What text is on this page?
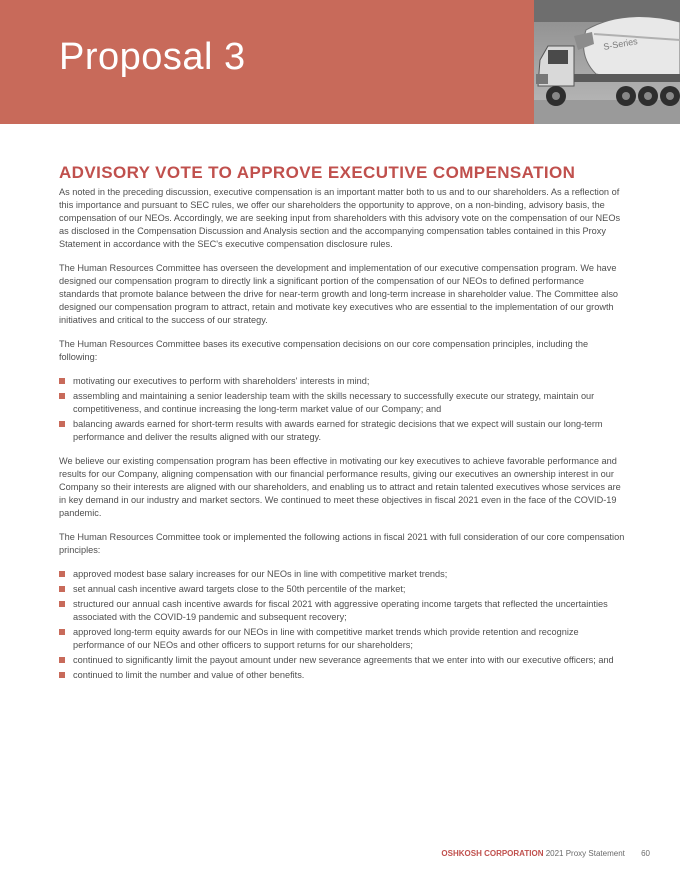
Proposal 3	S-Series
ADVISORY VOTE TO APPROVE EXECUTIVE COMPENSATION

As noted in the preceding discussion, executive compensation is an important matter both to us and to our shareholders. As a reflection of this importance and pursuant to SEC rules, we offer our shareholders the opportunity to approve, on a non-binding, advisory basis, the compensation of our NEOs. Accordingly, we are seeking input from shareholders with this advisory vote on the compensation of our NEOs as disclosed in the Compensation Discussion and Analysis section and the accompanying compensation tables contained in this Proxy Statement in accordance with the SEC's executive compensation disclosure rules.

The Human Resources Committee has overseen the development and implementation of our executive compensation program. We have designed our compensation program to directly link a significant portion of the compensation of our NEOs to defined performance standards that promote balance between the drive for near-term growth and long-term increase in shareholder value. The Committee also designed our compensation program to attract, retain and motivate key executives who are essential to the implementation of our growth initiatives and critical to the success of our strategy.

The Human Resources Committee bases its executive compensation decisions on our core compensation principles, including the following:

motivating our executives to perform with shareholders' interests in mind;
assembling and maintaining a senior leadership team with the skills necessary to successfully execute our strategy, maintain our competitiveness, and continue increasing the long-term market value of our Company; and
balancing awards earned for short-term results with awards earned for strategic decisions that we expect will sustain our long-term performance and deliver the results aligned with our strategy.

We believe our existing compensation program has been effective in motivating our key executives to achieve favorable performance and results for our Company, aligning compensation with our financial performance results, giving our executives an ownership interest in our Company so their interests are aligned with our shareholders, and enabling us to attract and retain talented executives whose services are in key demand in our industry and market sectors. We continued to meet these objectives in fiscal 2021 even in the face of the COVID-19 pandemic.

The Human Resources Committee took or implemented the following actions in fiscal 2021 with full consideration of our core compensation principles:

approved modest base salary increases for our NEOs in line with competitive market trends;
set annual cash incentive award targets close to the 50th percentile of the market;
structured our annual cash incentive awards for fiscal 2021 with aggressive operating income targets that reflected the uncertainties associated with the COVID-19 pandemic and subsequent recovery;
approved long-term equity awards for our NEOs in line with competitive market trends which provide retention and recognize performance of our NEOs and other officers to support returns for our shareholders;
continued to significantly limit the payout amount under new severance agreements that we enter into with our executive officers; and
continued to limit the number and value of other benefits.
OSHKOSH CORPORATION 2021 Proxy Statement 60
